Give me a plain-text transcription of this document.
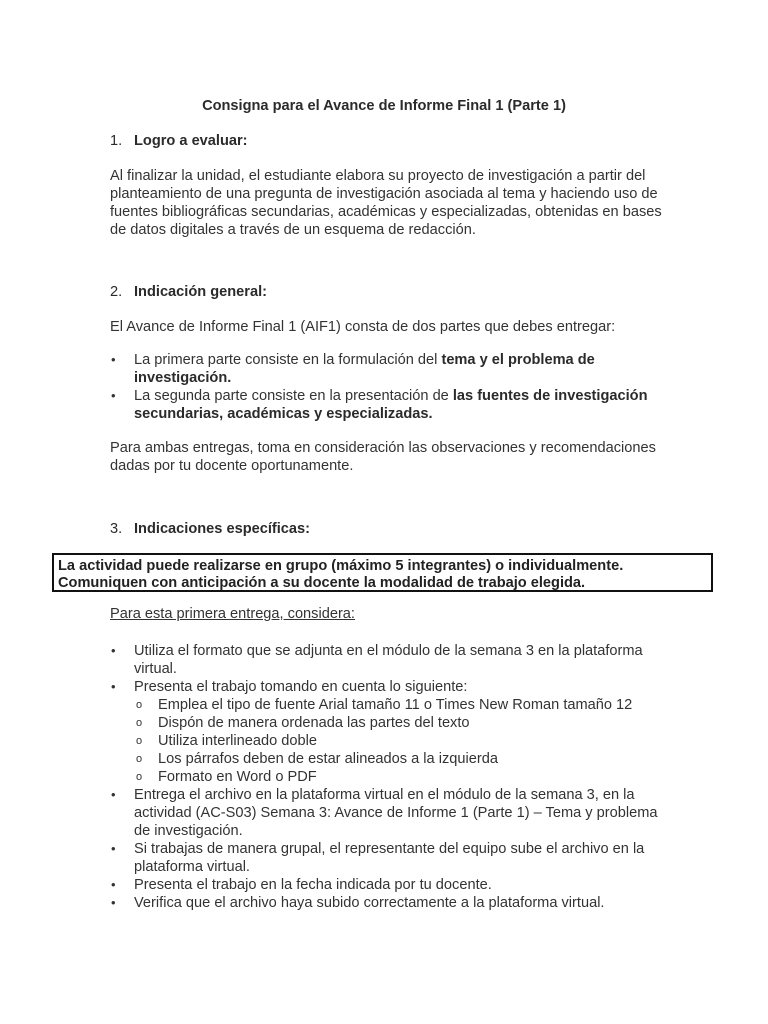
Consigna para el Avance de Informe Final 1 (Parte 1)
1. Logro a evaluar:

Al finalizar la unidad, el estudiante elabora su proyecto de investigación a partir del planteamiento de una pregunta de investigación asociada al tema y haciendo uso de fuentes bibliográficas secundarias, académicas y especializadas, obtenidas en bases de datos digitales a través de un esquema de redacción.

2. Indicación general:

El Avance de Informe Final 1 (AIF1) consta de dos partes que debes entregar:

• La primera parte consiste en la formulación del tema y el problema de investigación.
• La segunda parte consiste en la presentación de las fuentes de investigación secundarias, académicas y especializadas.

Para ambas entregas, toma en consideración las observaciones y recomendaciones dadas por tu docente oportunamente.

3. Indicaciones específicas:
La actividad puede realizarse en grupo (máximo 5 integrantes) o individualmente. Comuniquen con anticipación a su docente la modalidad de trabajo elegida.
Para esta primera entrega, considera:
• Utiliza el formato que se adjunta en el módulo de la semana 3 en la plataforma virtual.
• Presenta el trabajo tomando en cuenta lo siguiente:
o Emplea el tipo de fuente Arial tamaño 11 o Times New Roman tamaño 12
o Dispón de manera ordenada las partes del texto
o Utiliza interlineado doble
o Los párrafos deben de estar alineados a la izquierda
o Formato en Word o PDF
• Entrega el archivo en la plataforma virtual en el módulo de la semana 3, en la actividad (AC-S03) Semana 3: Avance de Informe 1 (Parte 1) – Tema y problema de investigación.
• Si trabajas de manera grupal, el representante del equipo sube el archivo en la plataforma virtual.
• Presenta el trabajo en la fecha indicada por tu docente.
• Verifica que el archivo haya subido correctamente a la plataforma virtual.
